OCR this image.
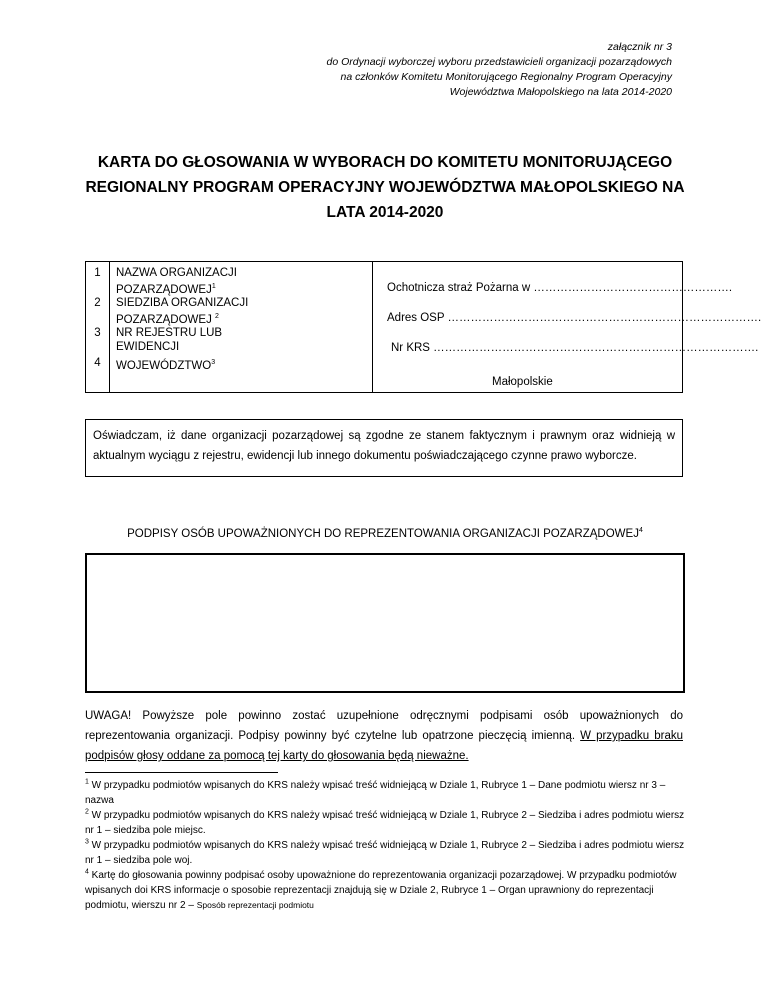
załącznik nr 3
do Ordynacji wyborczej wyboru przedstawicieli organizacji pozarządowych
na członków Komitetu Monitorującego Regionalny Program Operacyjny
Województwa Małopolskiego na lata 2014-2020
KARTA DO GŁOSOWANIA W WYBORACH DO KOMITETU MONITORUJĄCEGO
REGIONALNY PROGRAM OPERACYJNY WOJEWÓDZTWA MAŁOPOLSKIEGO NA
LATA 2014-2020
1
2
3
4
NAZWA ORGANIZACJI
POZARZĄDOWEJ$^1$
SIEDZIBA ORGANIZACJI
POZARZĄDOWEJ $^2$
NR REJESTRU LUB
EWIDENCJI
WOJEWÓDZTWO$^3$
Ochotnicza straż Pożarna w …………………………………………….
Adres OSP ……………………………………………………………………….
Nr KRS ………………………………………………………………………….
Małopolskie
Oświadczam, iż dane organizacji pozarządowej są zgodne ze stanem faktycznym i prawnym oraz widnieją w aktualnym wyciągu z rejestru, ewidencji lub innego dokumentu poświadczającego czynne prawo wyborcze.
PODPISY OSÓB UPOWAŻNIONYCH DO REPREZENTOWANIA ORGANIZACJI POZARZĄDOWEJ$^4$
UWAGA! Powyższe pole powinno zostać uzupełnione odręcznymi podpisami osób upoważnionych do reprezentowania organizacji. Podpisy powinny być czytelne lub opatrzone pieczęcią imienną. W przypadku braku podpisów głosy oddane za pomocą tej karty do głosowania będą nieważne.
$^1$ W przypadku podmiotów wpisanych do KRS należy wpisać treść widniejącą w Dziale 1, Rubryce 1 – Dane podmiotu wiersz nr 3 – nazwa
$^2$ W przypadku podmiotów wpisanych do KRS należy wpisać treść widniejącą w Dziale 1, Rubryce 2 – Siedziba i adres podmiotu wiersz nr 1 – siedziba pole miejsc.
$^3$ W przypadku podmiotów wpisanych do KRS należy wpisać treść widniejącą w Dziale 1, Rubryce 2 – Siedziba i adres podmiotu wiersz nr 1 – siedziba pole woj.
$^4$ Kartę do głosowania powinny podpisać osoby upoważnione do reprezentowania organizacji pozarządowej. W przypadku podmiotów wpisanych doi KRS informacje o sposobie reprezentacji znajdują się w Dziale 2, Rubryce 1 – Organ uprawniony do reprezentacji podmiotu, wierszu nr 2 – Sposób reprezentacji podmiotu
